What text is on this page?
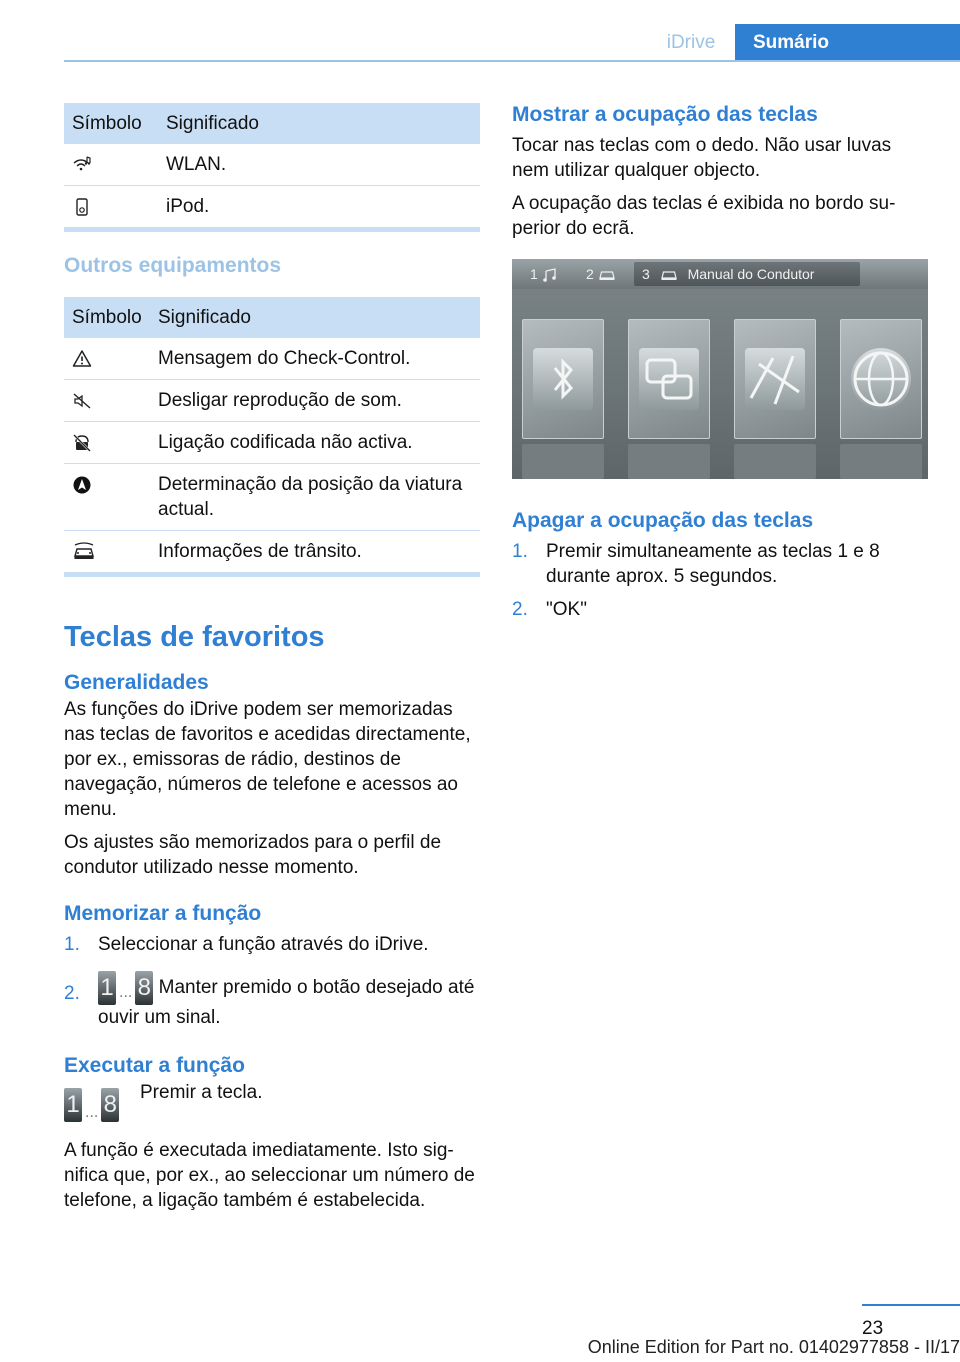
iDrive	Sumário
Símbolo	Significado
	WLAN.
	iPod.
Outros equipamentos
Símbolo	Significado
	Mensagem do Check-Control.
	Desligar reprodução de som.
	Ligação codificada não activa.
	Determinação da posição da viatura actual.
	Informações de trânsito.
Teclas de favoritos
Generalidades

As funções do iDrive podem ser memorizadas nas teclas de favoritos e acedidas directamente, por ex., emissoras de rádio, destinos de navegação, números de telefone e acessos ao menu.

Os ajustes são memorizados para o perfil de condutor utilizado nesse momento.

Memorizar a função
1. Seleccionar a função através do iDrive.
2. 1 ... 8 Manter premido o botão desejado até ouvir um sinal.
Executar a função
1 ... 8 Premir a tecla.

A função é executada imediatamente. Isto significa que, por ex., ao seleccionar um número de telefone, a ligação também é estabelecida.

Mostrar a ocupação das teclas

Tocar nas teclas com o dedo. Não usar luvas nem utilizar qualquer objecto.

A ocupação das teclas é exibida no bordo superior do ecrã.

1	2	3	Manual do Condutor
Apagar a ocupação das teclas
1. Premir simultaneamente as teclas 1 e 8 durante aprox. 5 segundos.
2. "OK"
23
Online Edition for Part no. 01402977858 - II/17
